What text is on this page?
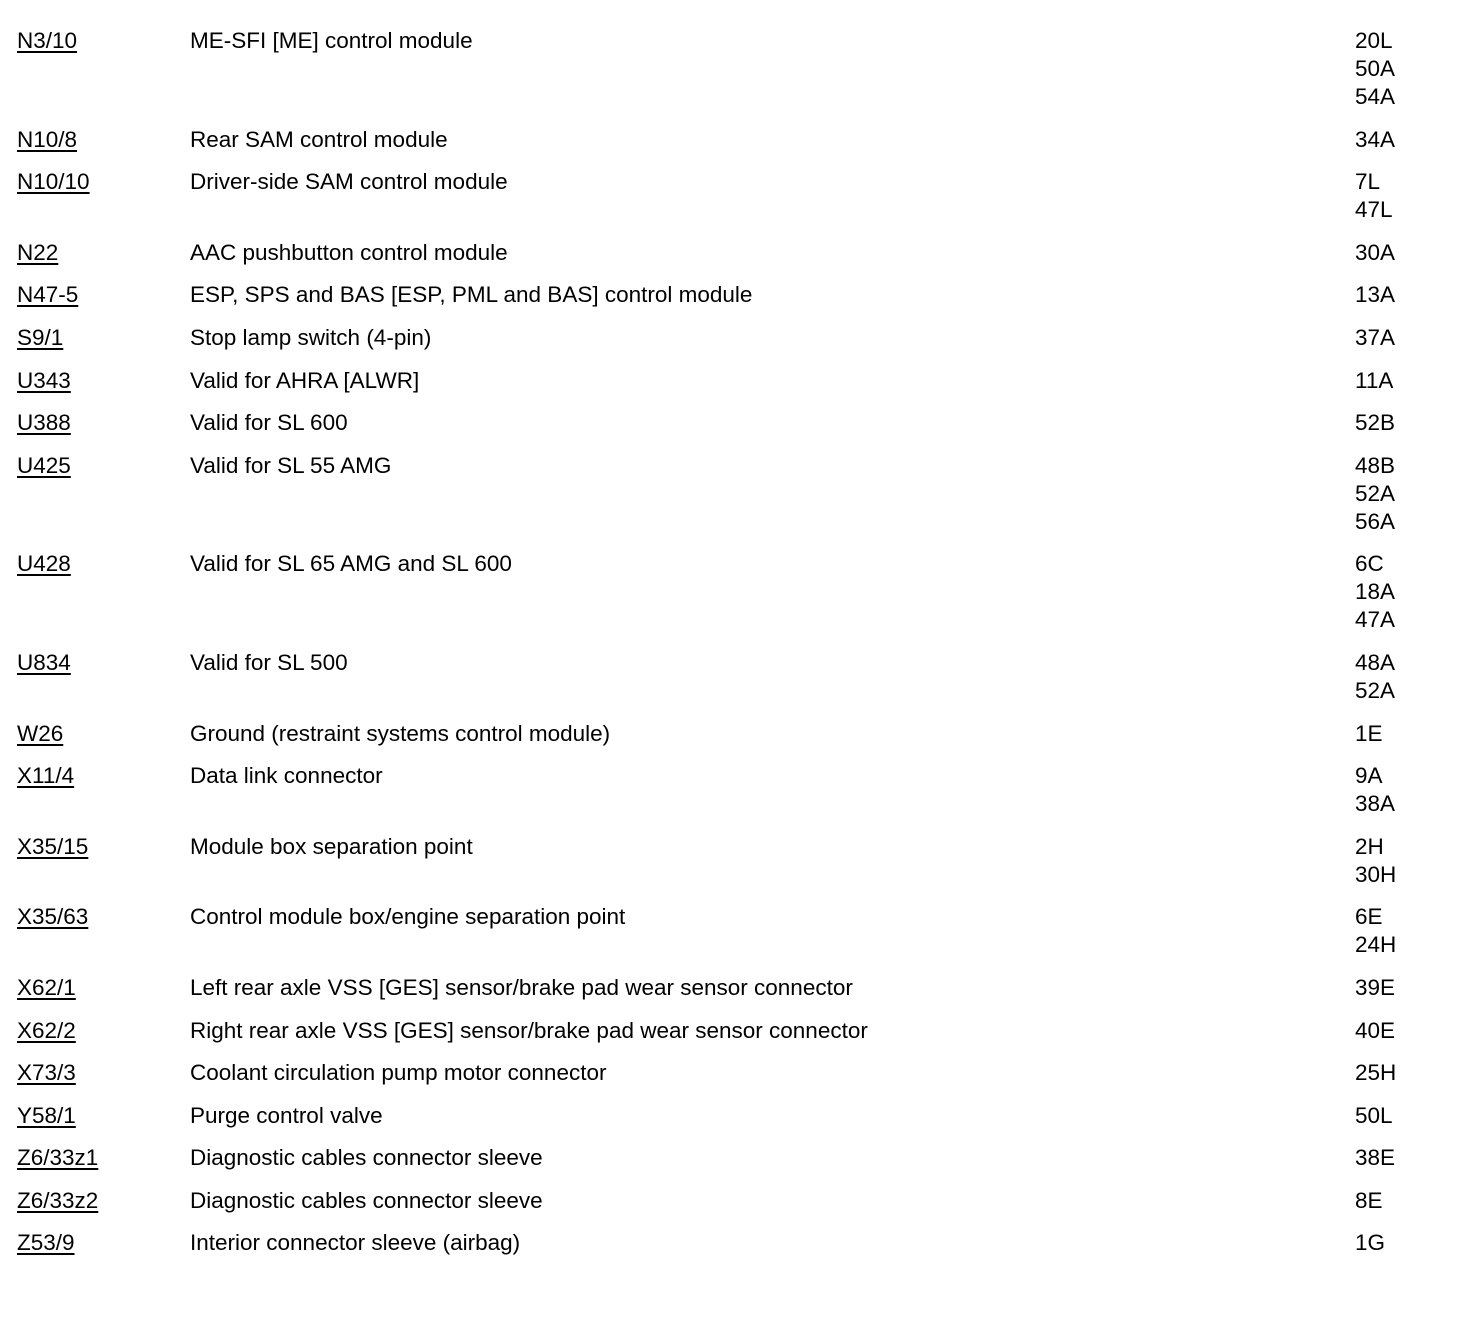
N3/10	ME-SFI [ME] control module	20L
50A
54A
N10/8	Rear SAM control module	34A
N10/10	Driver-side SAM control module	7L
47L
N22	AAC pushbutton control module	30A
N47-5	ESP, SPS and BAS [ESP, PML and BAS] control module	13A
S9/1	Stop lamp switch (4-pin)	37A
U343	Valid for AHRA [ALWR]	11A
U388	Valid for SL 600	52B
U425	Valid for SL 55 AMG	48B
52A
56A
U428	Valid for SL 65 AMG and SL 600	6C
18A
47A
U834	Valid for SL 500	48A
52A
W26	Ground (restraint systems control module)	1E
X11/4	Data link connector	9A
38A
X35/15	Module box separation point	2H
30H
X35/63	Control module box/engine separation point	6E
24H
X62/1	Left rear axle VSS [GES] sensor/brake pad wear sensor connector	39E
X62/2	Right rear axle VSS [GES] sensor/brake pad wear sensor connector	40E
X73/3	Coolant circulation pump motor connector	25H
Y58/1	Purge control valve	50L
Z6/33z1	Diagnostic cables connector sleeve	38E
Z6/33z2	Diagnostic cables connector sleeve	8E
Z53/9	Interior connector sleeve (airbag)	1G
